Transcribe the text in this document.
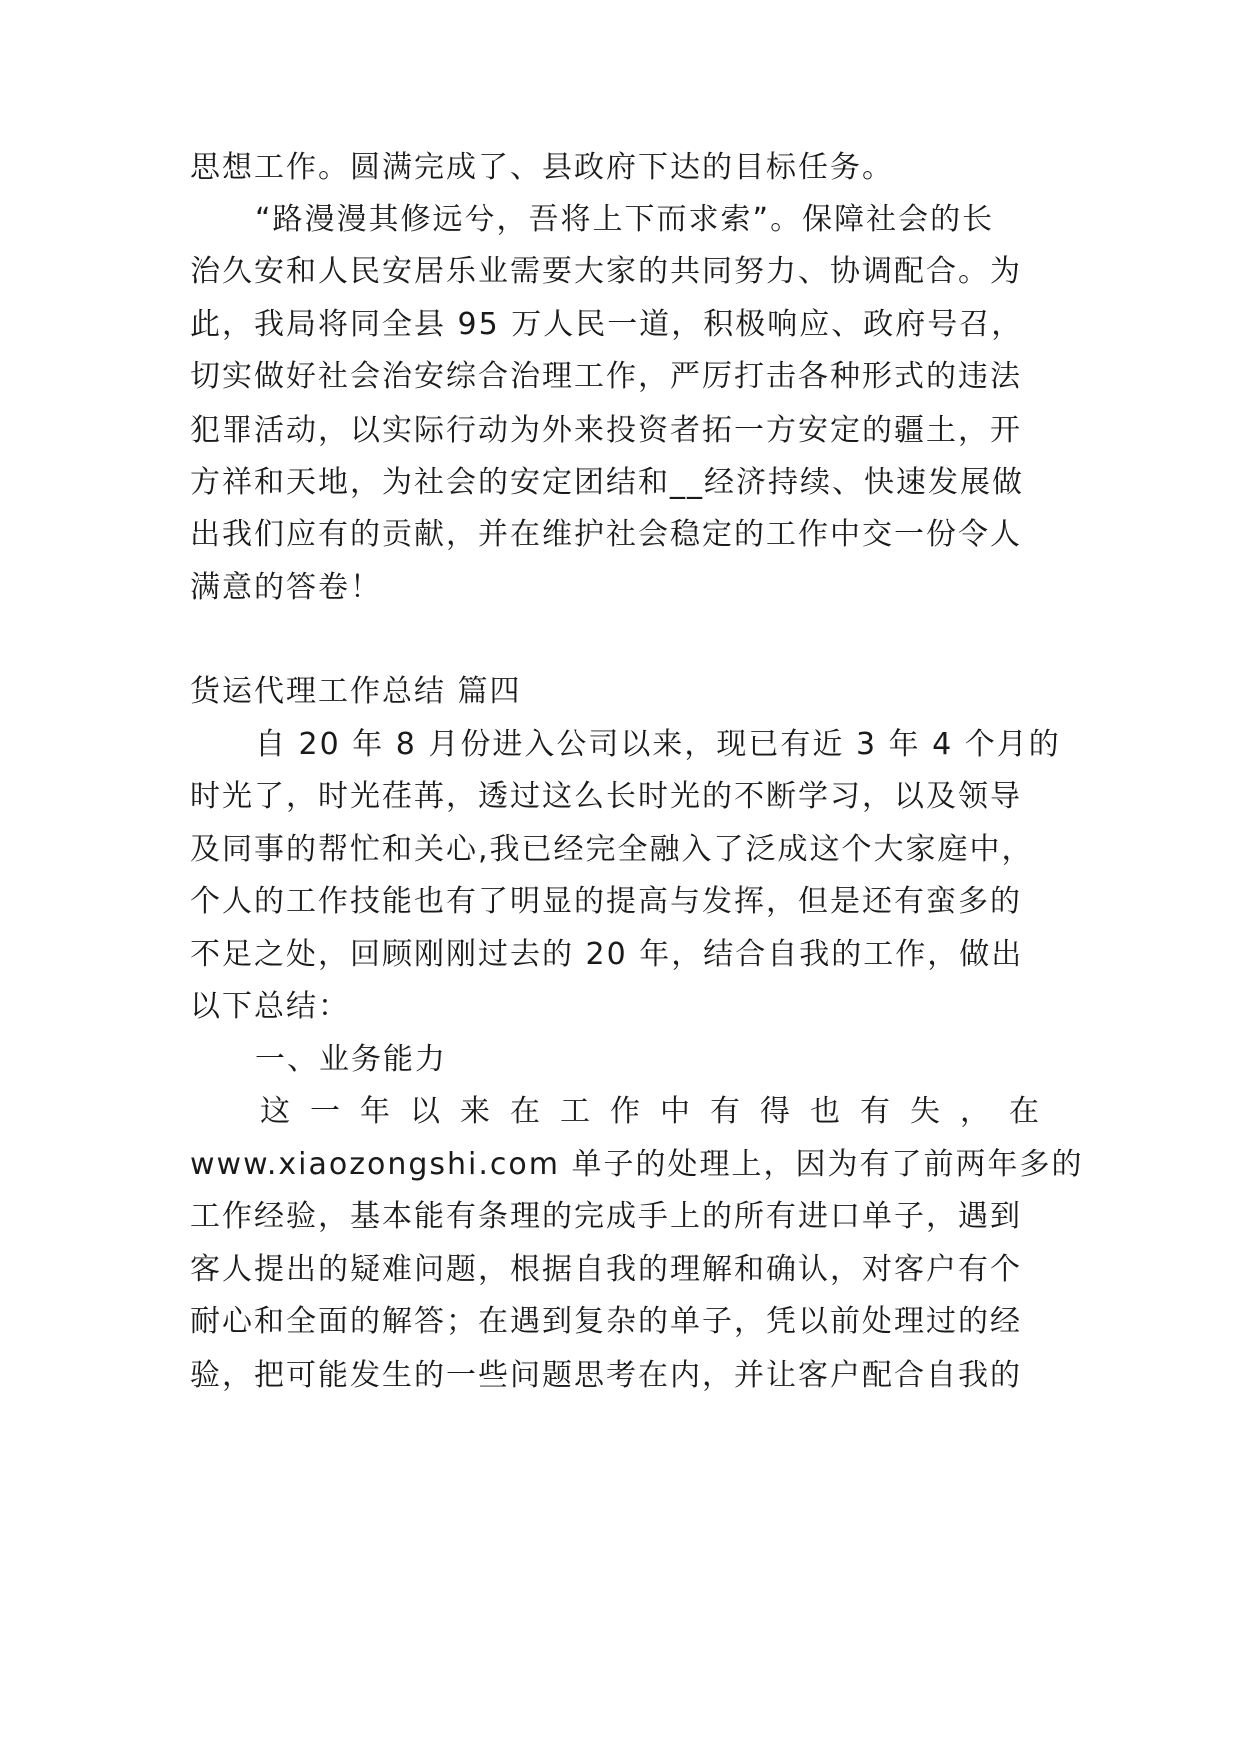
思想工作。圆满完成了、县政府下达的目标任务。
“路漫漫其修远兮，吾将上下而求索”。保障社会的长
治久安和人民安居乐业需要大家的共同努力、协调配合。为
此，我局将同全县 95 万人民一道，积极响应、政府号召，
切实做好社会治安综合治理工作，严厉打击各种形式的违法
犯罪活动，以实际行动为外来投资者拓一方安定的疆土，开
方祥和天地，为社会的安定团结和__经济持续、快速发展做
出我们应有的贡献，并在维护社会稳定的工作中交一份令人
满意的答卷！
货运代理工作总结 篇四
自 20 年 8 月份进入公司以来，现已有近 3 年 4 个月的
时光了，时光荏苒，透过这么长时光的不断学习，以及领导
及同事的帮忙和关心,我已经完全融入了泛成这个大家庭中，
个人的工作技能也有了明显的提高与发挥，但是还有蛮多的
不足之处，回顾刚刚过去的 20 年，结合自我的工作，做出
以下总结：
一、业务能力
这 一 年 以 来 在 工 作 中 有 得 也 有 失 ， 在
www.xiaozongshi.com 单子的处理上，因为有了前两年多的
工作经验，基本能有条理的完成手上的所有进口单子，遇到
客人提出的疑难问题，根据自我的理解和确认，对客户有个
耐心和全面的解答；在遇到复杂的单子，凭以前处理过的经
验，把可能发生的一些问题思考在内，并让客户配合自我的
